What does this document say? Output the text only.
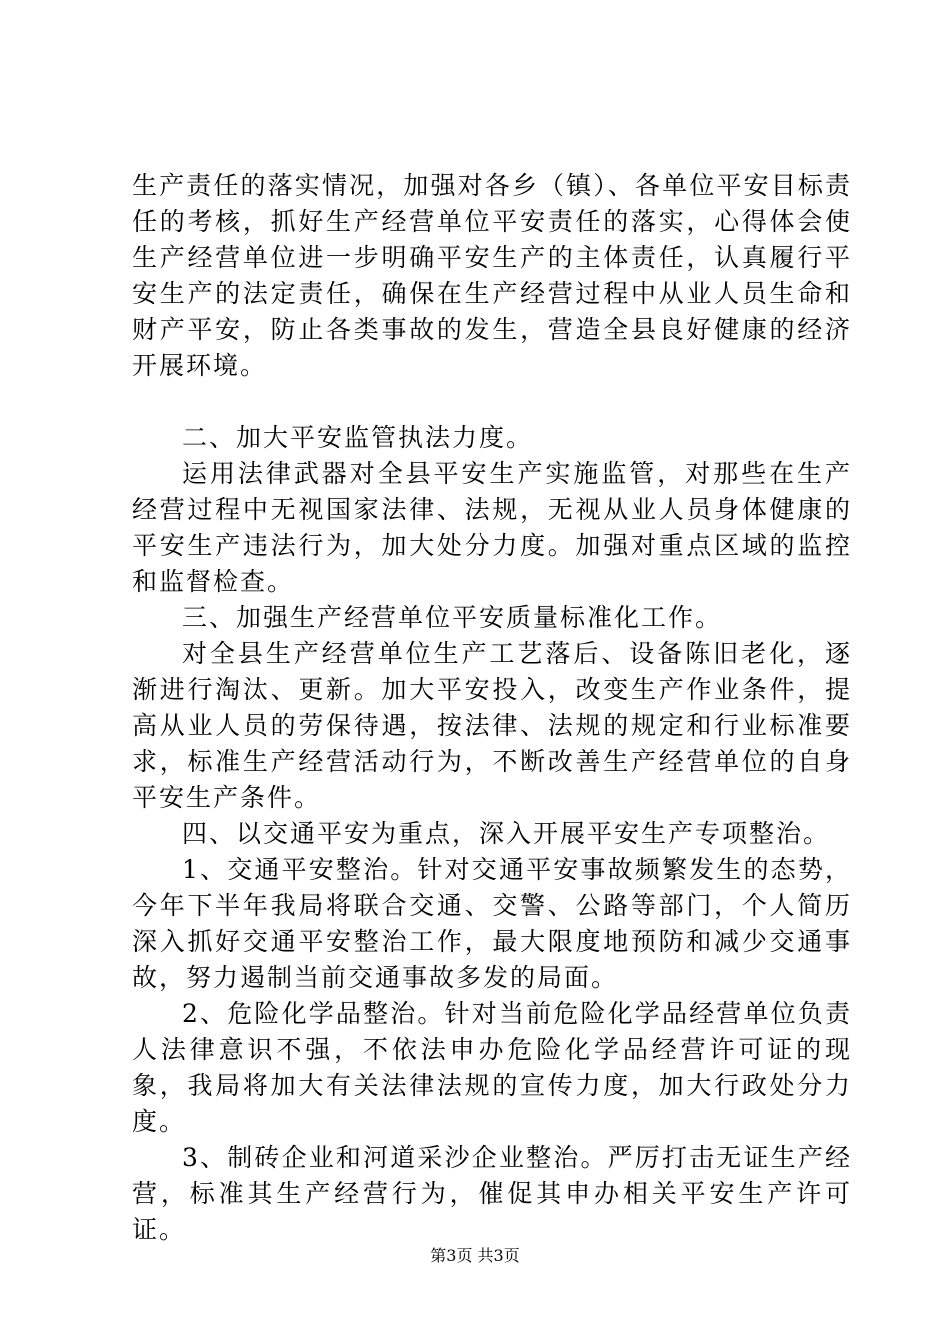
生产责任的落实情况，加强对各乡（镇）、各单位平安目标责任的考核，抓好生产经营单位平安责任的落实，心得体会使生产经营单位进一步明确平安生产的主体责任，认真履行平安生产的法定责任，确保在生产经营过程中从业人员生命和财产平安，防止各类事故的发生，营造全县良好健康的经济开展环境。

二、加大平安监管执法力度。

运用法律武器对全县平安生产实施监管，对那些在生产经营过程中无视国家法律、法规，无视从业人员身体健康的平安生产违法行为，加大处分力度。加强对重点区域的监控和监督检查。

三、加强生产经营单位平安质量标准化工作。

对全县生产经营单位生产工艺落后、设备陈旧老化，逐渐进行淘汰、更新。加大平安投入，改变生产作业条件，提高从业人员的劳保待遇，按法律、法规的规定和行业标准要求，标准生产经营活动行为，不断改善生产经营单位的自身平安生产条件。

四、以交通平安为重点，深入开展平安生产专项整治。

1、交通平安整治。针对交通平安事故频繁发生的态势，今年下半年我局将联合交通、交警、公路等部门，个人简历深入抓好交通平安整治工作，最大限度地预防和减少交通事故，努力遏制当前交通事故多发的局面。

2、危险化学品整治。针对当前危险化学品经营单位负责人法律意识不强，不依法申办危险化学品经营许可证的现象，我局将加大有关法律法规的宣传力度，加大行政处分力度。

3、制砖企业和河道采沙企业整治。严厉打击无证生产经营，标准其生产经营行为，催促其申办相关平安生产许可证。

第3页 共3页
